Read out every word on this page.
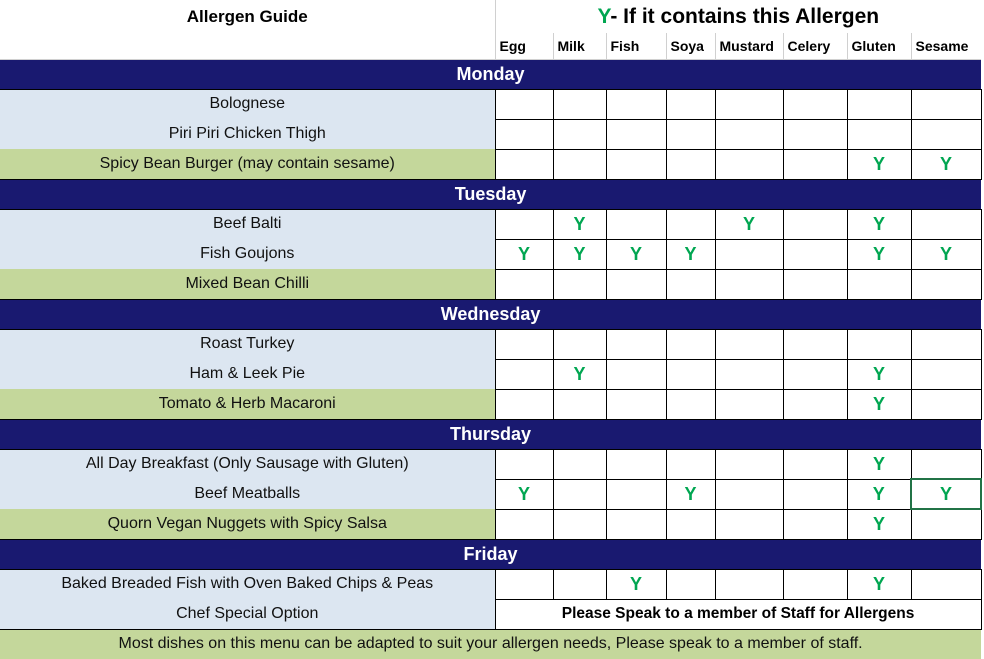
Allergen Guide	Y- If it contains this Allergen							
	Egg	Milk	Fish	Soya	Mustard	Celery	Gluten	Sesame
Monday								
Bolognese								
Piri Piri Chicken Thigh								
Spicy Bean Burger (may contain sesame)							Y	Y
Tuesday								
Beef Balti		Y			Y		Y	
Fish Goujons	Y	Y	Y	Y			Y	Y
Mixed Bean Chilli								
Wednesday								
Roast Turkey								
Ham & Leek Pie		Y					Y	
Tomato & Herb Macaroni							Y	
Thursday								
All Day Breakfast (Only Sausage with Gluten)							Y	
Beef Meatballs	Y			Y			Y	Y
Quorn Vegan Nuggets with Spicy Salsa							Y	
Friday								
Baked Breaded Fish with Oven Baked Chips & Peas			Y				Y	
Chef Special Option	Please Speak to a member of Staff for Allergens							
Most dishes on this menu can be adapted to suit your allergen needs, Please speak to a member of staff.								
